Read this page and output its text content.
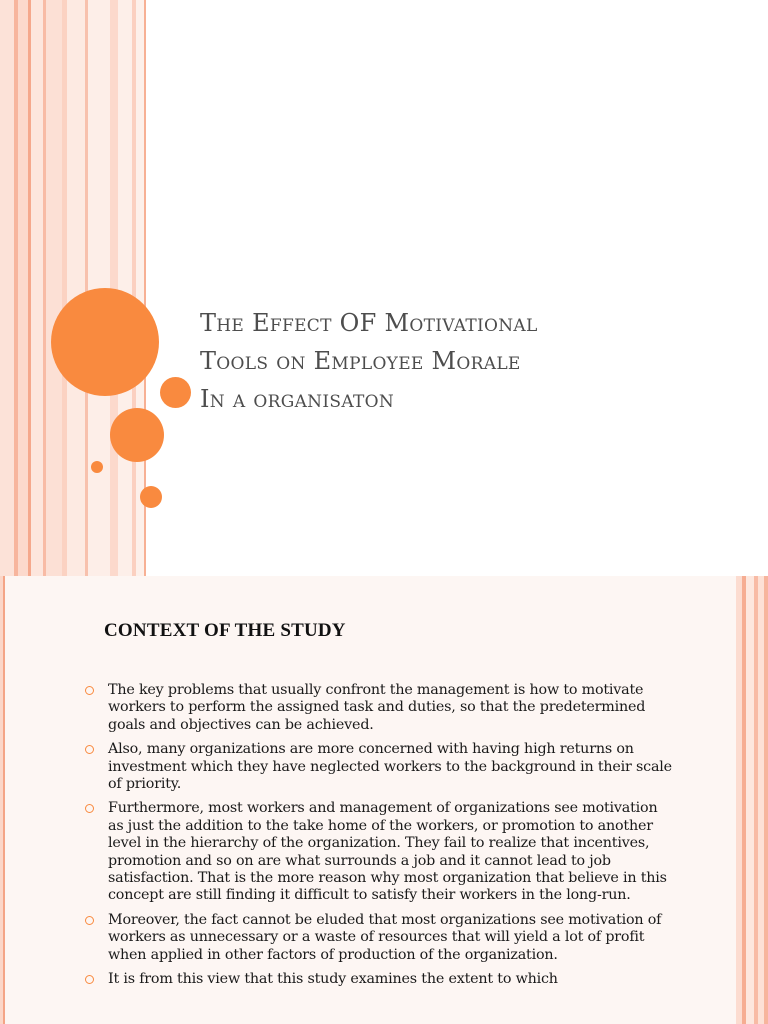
The Effect OF Motivational
Tools on Employee Morale
In a organisaton
CONTEXT OF THE STUDY
The key problems that usually confront the management is how to motivate workers to perform the assigned task and duties, so that the predetermined goals and objectives can be achieved.
Also, many organizations are more concerned with having high returns on investment which they have neglected workers to the background in their scale of priority.
Furthermore, most workers and management of organizations see motivation as just the addition to the take home of the workers, or promotion to another level in the hierarchy of the organization. They fail to realize that incentives, promotion and so on are what surrounds a job and it cannot lead to job satisfaction. That is the more reason why most organization that believe in this concept are still finding it difficult to satisfy their workers in the long-run.
Moreover, the fact cannot be eluded that most organizations see motivation of workers as unnecessary or a waste of resources that will yield a lot of profit when applied in other factors of production of the organization.
It is from this view that this study examines the extent to which
